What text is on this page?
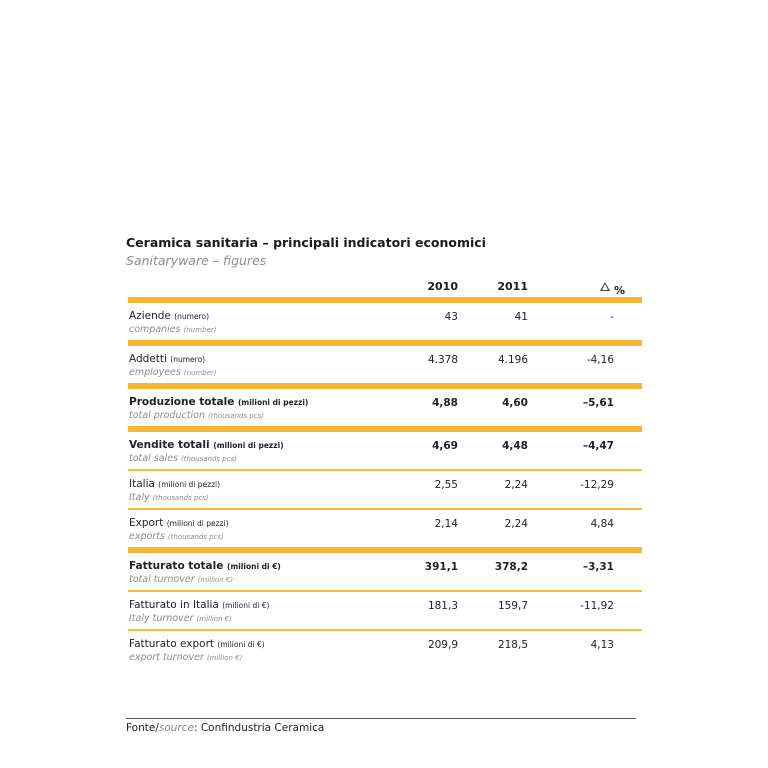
Ceramica sanitaria – principali indicatori economici
Sanitaryware – figures
2010	2011	%
Aziende (numero)
companies (number)
43	41	-
Addetti (numero)
employees (number)
4.378	4.196	-4,16
Produzione totale (milioni di pezzi)
total production (thousands pcs)
4,88	4,60	–5,61
Vendite totali (milioni di pezzi)
total sales (thousands pcs)
4,69	4,48	–4,47
Italia (milioni di pezzi)
Italy (thousands pcs)
2,55	2,24	-12,29
Export (milioni di pezzi)
exports (thousands pcs)
2,14	2,24	4,84
Fatturato totale (milioni di €)
total turnover (million €)
391,1	378,2	–3,31
Fatturato in Italia (milioni di €)
Italy turnover (million €)
181,3	159,7	-11,92
Fatturato export (milioni di €)
export turnover (million €)
209,9	218,5	4,13
Fonte/source: Confindustria Ceramica
